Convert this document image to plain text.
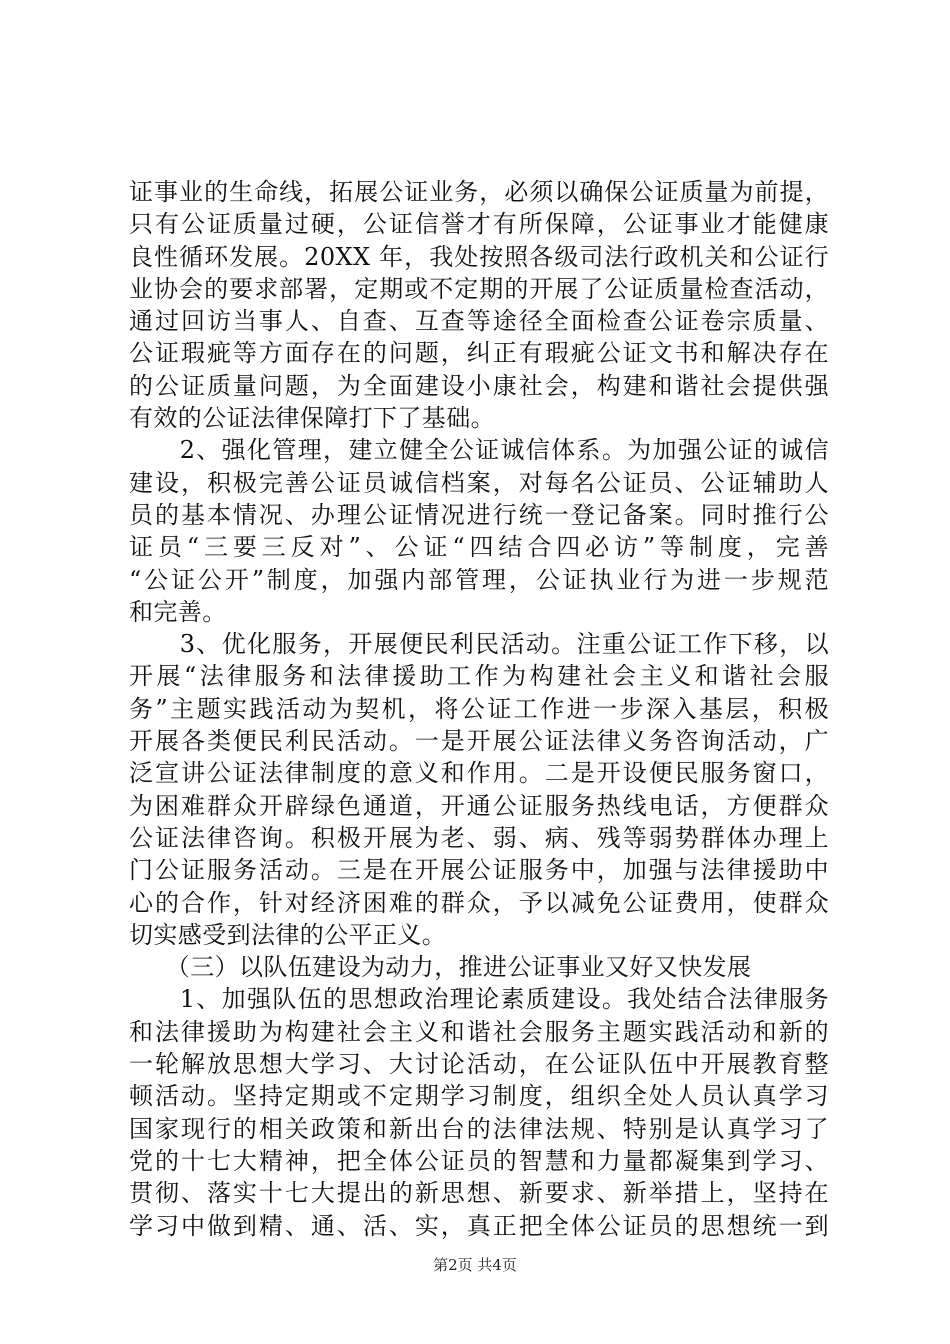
证事业的生命线，拓展公证业务，必须以确保公证质量为前提，
只有公证质量过硬，公证信誉才有所保障，公证事业才能健康
良性循环发展。20XX 年，我处按照各级司法行政机关和公证行
业协会的要求部署，定期或不定期的开展了公证质量检查活动，
通过回访当事人、自查、互查等途径全面检查公证卷宗质量、
公证瑕疵等方面存在的问题，纠正有瑕疵公证文书和解决存在
的公证质量问题，为全面建设小康社会，构建和谐社会提供强
有效的公证法律保障打下了基础。
　　2、强化管理，建立健全公证诚信体系。为加强公证的诚信
建设，积极完善公证员诚信档案，对每名公证员、公证辅助人
员的基本情况、办理公证情况进行统一登记备案。同时推行公
证员“三要三反对”、公证“四结合四必访”等制度，完善
“公证公开”制度，加强内部管理，公证执业行为进一步规范
和完善。
　　3、优化服务，开展便民利民活动。注重公证工作下移，以
开展“法律服务和法律援助工作为构建社会主义和谐社会服
务”主题实践活动为契机，将公证工作进一步深入基层，积极
开展各类便民利民活动。一是开展公证法律义务咨询活动，广
泛宣讲公证法律制度的意义和作用。二是开设便民服务窗口，
为困难群众开辟绿色通道，开通公证服务热线电话，方便群众
公证法律咨询。积极开展为老、弱、病、残等弱势群体办理上
门公证服务活动。三是在开展公证服务中，加强与法律援助中
心的合作，针对经济困难的群众，予以减免公证费用，使群众
切实感受到法律的公平正义。
　　（三）以队伍建设为动力，推进公证事业又好又快发展
　　1、加强队伍的思想政治理论素质建设。我处结合法律服务
和法律援助为构建社会主义和谐社会服务主题实践活动和新的
一轮解放思想大学习、大讨论活动，在公证队伍中开展教育整
顿活动。坚持定期或不定期学习制度，组织全处人员认真学习
国家现行的相关政策和新出台的法律法规、特别是认真学习了
党的十七大精神，把全体公证员的智慧和力量都凝集到学习、
贯彻、落实十七大提出的新思想、新要求、新举措上，坚持在
学习中做到精、通、活、实，真正把全体公证员的思想统一到
第2页 共4页
